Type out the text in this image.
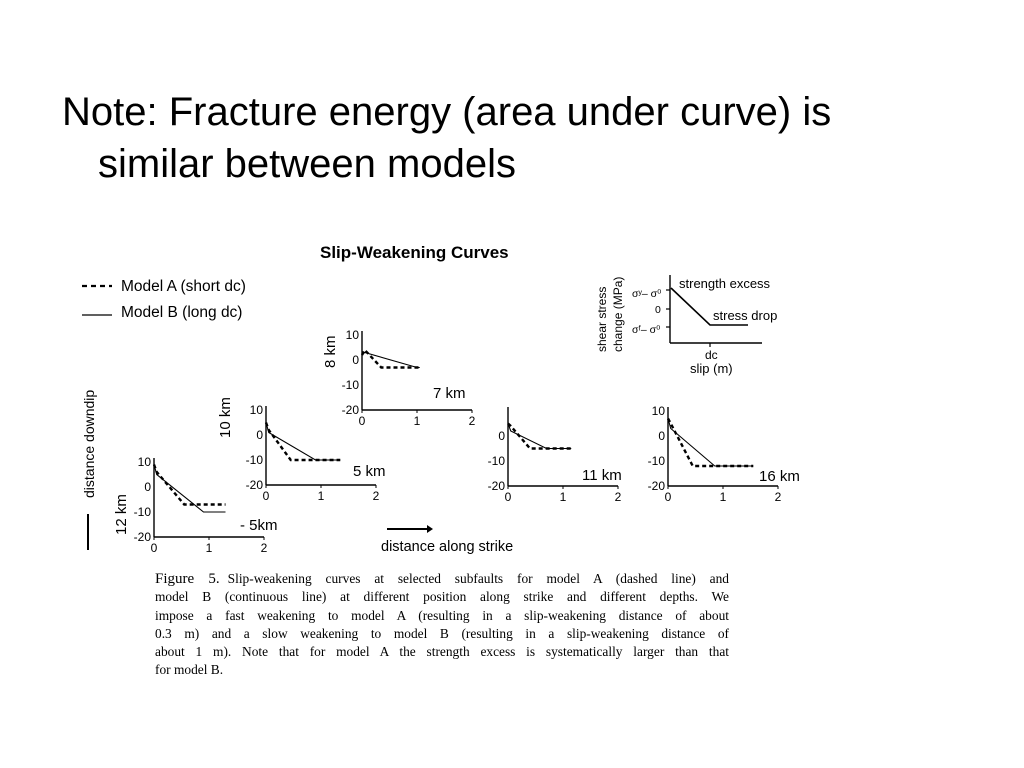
Note: Fracture energy (area under curve) is
similar between models
Slip-Weakening Curves
Model A (short dc)
Model B (long dc)
distance downdip
distance along strike
shear stress change (MPa) σʸ– σ⁰
0
σᶠ– σ⁰
strength excess
stress drop
dc
slip (m)
10
0
-10
-20
0	1	2
8 km
7 km
10
0
-10
-20
0	1	2
10 km
5 km
10
0
-10
-20
0	1	2
12 km	- 5km
0
-10
-20
0	1	2
11 km
10
0
-10
-20
0	1	2
16 km
Figure 5. Slip-weakening curves at selected subfaults for model A (dashed line) and
model B (continuous line) at different position along strike and different depths. We
impose a fast weakening to model A (resulting in a slip-weakening distance of about
0.3 m) and a slow weakening to model B (resulting in a slip-weakening distance of
about 1 m). Note that for model A the strength excess is systematically larger than that
for model B.
